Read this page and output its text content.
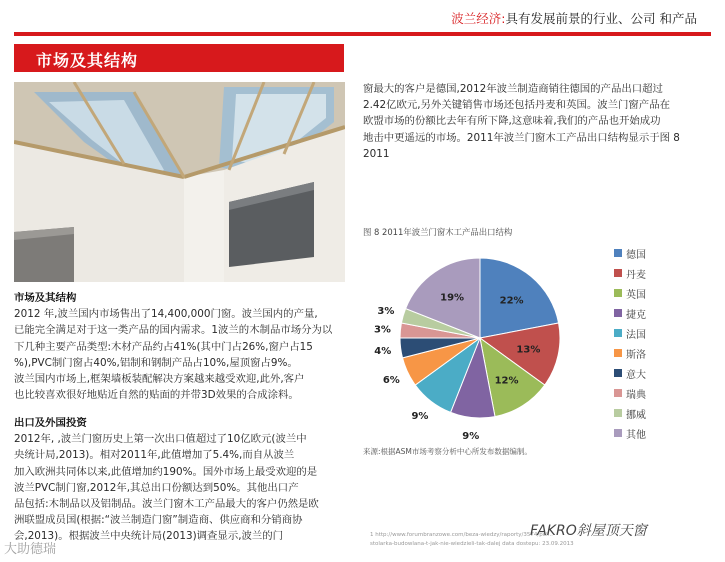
波兰经济:具有发展前景的行业、公司 和产品
市场及其结构
市场及其结构
2012 年,波兰国内市场售出了14,400,000门窗。波兰国内的产量,
已能完全满足对于这一类产品的国内需求。1波兰的木制品市场分为以
下几种主要产品类型:木材产品约占41%(其中门占26%,窗户占15
%),PVC制门窗占40%,铝制和钢制产品占10%,屋顶窗占9%。
波兰国内市场上,框架墙板装配解决方案越来越受欢迎,此外,客户
也比较喜欢很好地贴近自然的贴面的并带3D效果的合成涂料。
出口及外国投资
2012年, ,波兰门窗历史上第一次出口值超过了10亿欧元(波兰中
央统计局,2013)。相对2011年,此值增加了5.4%,而自从波兰
加入欧洲共同体以来,此值增加约190%。国外市场上最受欢迎的是
波兰PVC制门窗,2012年,其总出口份额达到50%。其他出口产
品包括:木制品以及铝制品。波兰门窗木工产品最大的客户仍然是欧
洲联盟成员国(根据:“波兰制造门窗”制造商、供应商和分销商协
会,2013)。根据波兰中央统计局(2013)调查显示,波兰的门
窗最大的客户是德国,2012年波兰制造商销往德国的产品出口超过
2.42亿欧元,另外关键销售市场还包括丹麦和英国。波兰门窗产品在
欧盟市场的份额比去年有所下降,这意味着,我们的产品也开始成功
地击中更遥远的市场。2011年波兰门窗木工产品出口结构显示于图 8
2011
图 8 2011年波兰门窗木工产品出口结构
22%
13%
12%
9%
9%
6%
4%
3%
3%
19%
德国
丹麦
英国
捷克
法国
斯洛
意大
瑞典
挪威
其他
来源:根据ASM市场考察分析中心所发布数据编制。
1 http://www.forumbranzowe.com/beza-wiedzy/raporty/3574/pol...
stolarka-budowlana-t-jak-nie-wiedzieli-tak-dalej data dostepu: 23.09.2013
FAKRO斜屋顶天窗
大助德瑞
